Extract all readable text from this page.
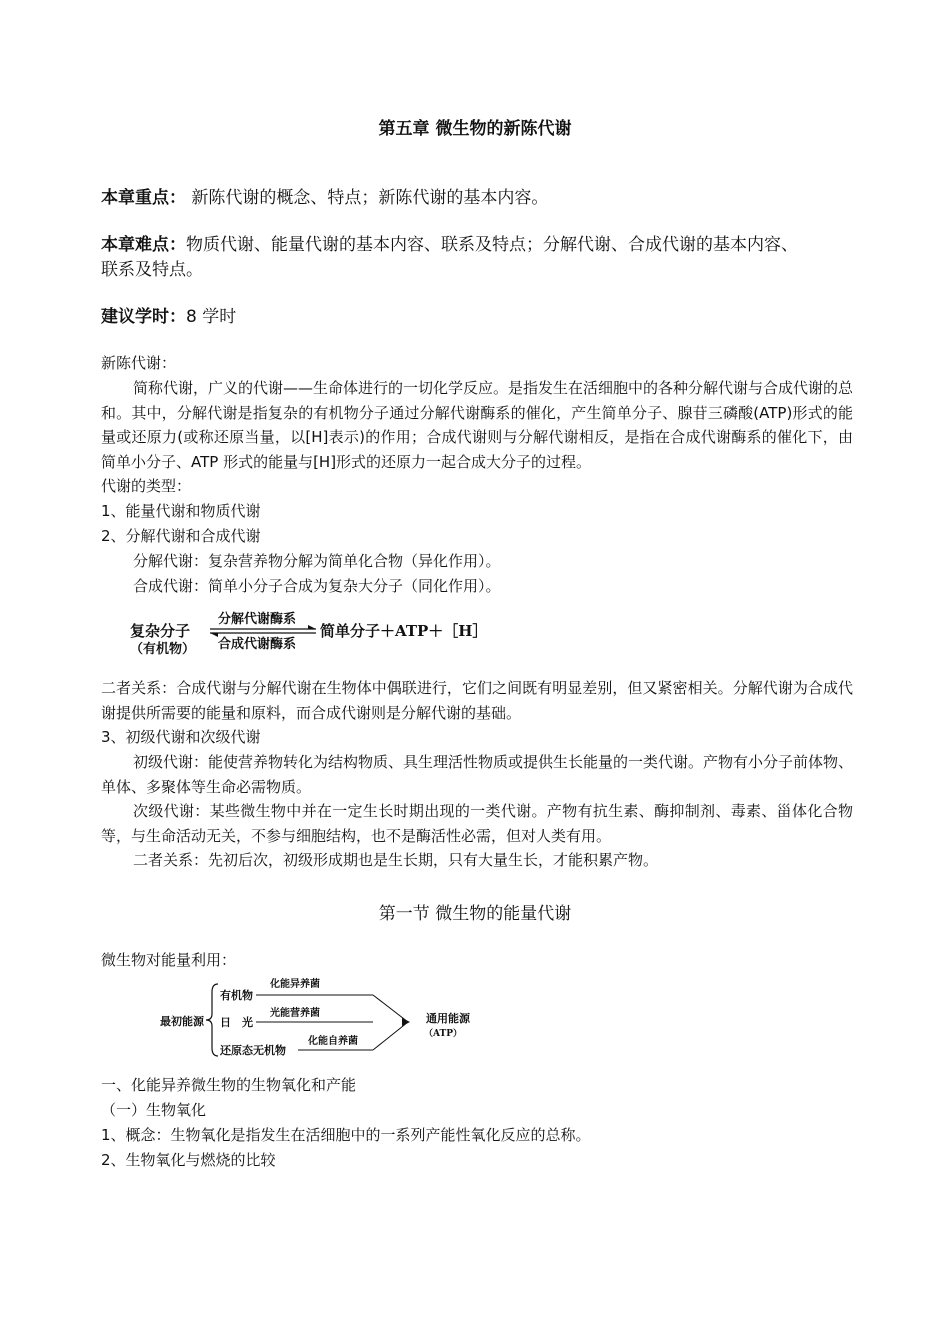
第五章 微生物的新陈代谢
本章重点： 新陈代谢的概念、特点；新陈代谢的基本内容。
本章难点：物质代谢、能量代谢的基本内容、联系及特点；分解代谢、合成代谢的基本内容、
联系及特点。
建议学时：8 学时
新陈代谢：
简称代谢，广义的代谢——生命体进行的一切化学反应。是指发生在活细胞中的各种分解代谢与合成代谢的总和。其中，分解代谢是指复杂的有机物分子通过分解代谢酶系的催化，产生简单分子、腺苷三磷酸(ATP)形式的能量或还原力(或称还原当量，以[H]表示)的作用；合成代谢则与分解代谢相反，是指在合成代谢酶系的催化下，由简单小分子、ATP 形式的能量与[H]形式的还原力一起合成大分子的过程。
代谢的类型：
1、能量代谢和物质代谢
2、分解代谢和合成代谢
分解代谢：复杂营养物分解为简单化合物（异化作用）。
合成代谢：简单小分子合成为复杂大分子（同化作用）。
复杂分子
（有机物）
分解代谢酶系
合成代谢酶系
简单分子＋ATP＋［H］
二者关系：合成代谢与分解代谢在生物体中偶联进行，它们之间既有明显差别，但又紧密相关。分解代谢为合成代谢提供所需要的能量和原料，而合成代谢则是分解代谢的基础。
3、初级代谢和次级代谢
初级代谢：能使营养物转化为结构物质、具生理活性物质或提供生长能量的一类代谢。产物有小分子前体物、单体、多聚体等生命必需物质。
次级代谢：某些微生物中并在一定生长时期出现的一类代谢。产物有抗生素、酶抑制剂、毒素、甾体化合物等，与生命活动无关，不参与细胞结构，也不是酶活性必需，但对人类有用。
二者关系：先初后次，初级形成期也是生长期，只有大量生长，才能积累产物。
第一节 微生物的能量代谢
微生物对能量利用：
最初能源
有机物
化能异养菌
日　光
光能营养菌
还原态无机物
化能自养菌
通用能源
（ATP）
一、化能异养微生物的生物氧化和产能
（一）生物氧化
1、概念：生物氧化是指发生在活细胞中的一系列产能性氧化反应的总称。
2、生物氧化与燃烧的比较
